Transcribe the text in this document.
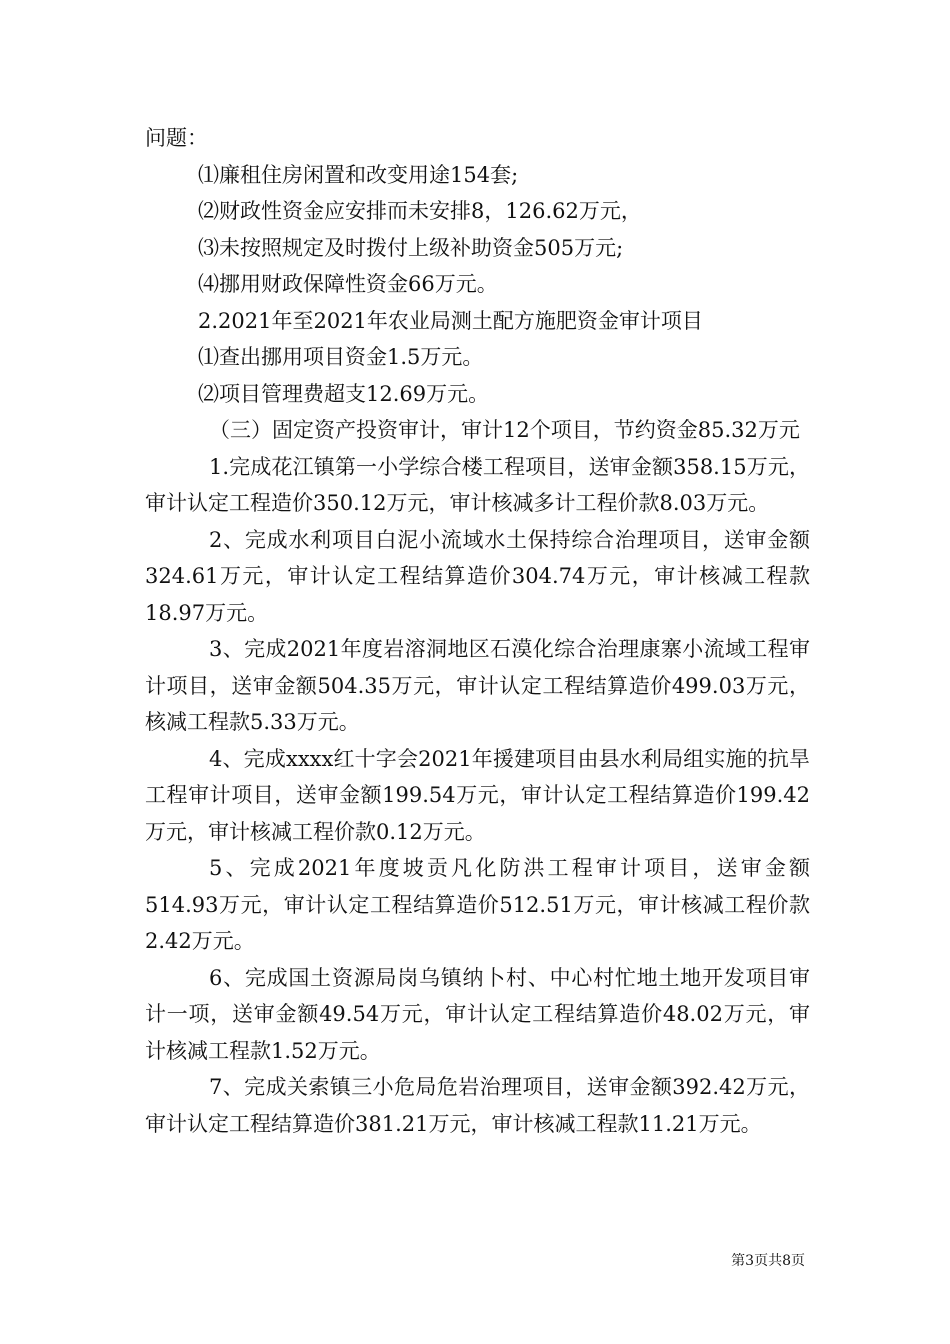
问题：

⑴廉租住房闲置和改变用途154套;

⑵财政性资金应安排而未安排8，126.62万元，

⑶未按照规定及时拨付上级补助资金505万元;

⑷挪用财政保障性资金66万元。

2.2021年至2021年农业局测土配方施肥资金审计项目

⑴查出挪用项目资金1.5万元。

⑵项目管理费超支12.69万元。

（三）固定资产投资审计，审计12个项目，节约资金85.32万元

1.完成花江镇第一小学综合楼工程项目，送审金额358.15万元，审计认定工程造价350.12万元，审计核减多计工程价款8.03万元。

2、完成水利项目白泥小流域水土保持综合治理项目，送审金额324.61万元，审计认定工程结算造价304.74万元，审计核减工程款18.97万元。

3、完成2021年度岩溶洞地区石漠化综合治理康寨小流域工程审计项目，送审金额504.35万元，审计认定工程结算造价499.03万元，核减工程款5.33万元。

4、完成xxxx红十字会2021年援建项目由县水利局组实施的抗旱工程审计项目，送审金额199.54万元，审计认定工程结算造价199.42万元，审计核减工程价款0.12万元。

5、完成2021年度坡贡凡化防洪工程审计项目，送审金额514.93万元，审计认定工程结算造价512.51万元，审计核减工程价款2.42万元。

6、完成国土资源局岗乌镇纳卜村、中心村忙地土地开发项目审计一项，送审金额49.54万元，审计认定工程结算造价48.02万元，审计核减工程款1.52万元。

7、完成关索镇三小危局危岩治理项目，送审金额392.42万元，审计认定工程结算造价381.21万元，审计核减工程款11.21万元。

第3页共8页
